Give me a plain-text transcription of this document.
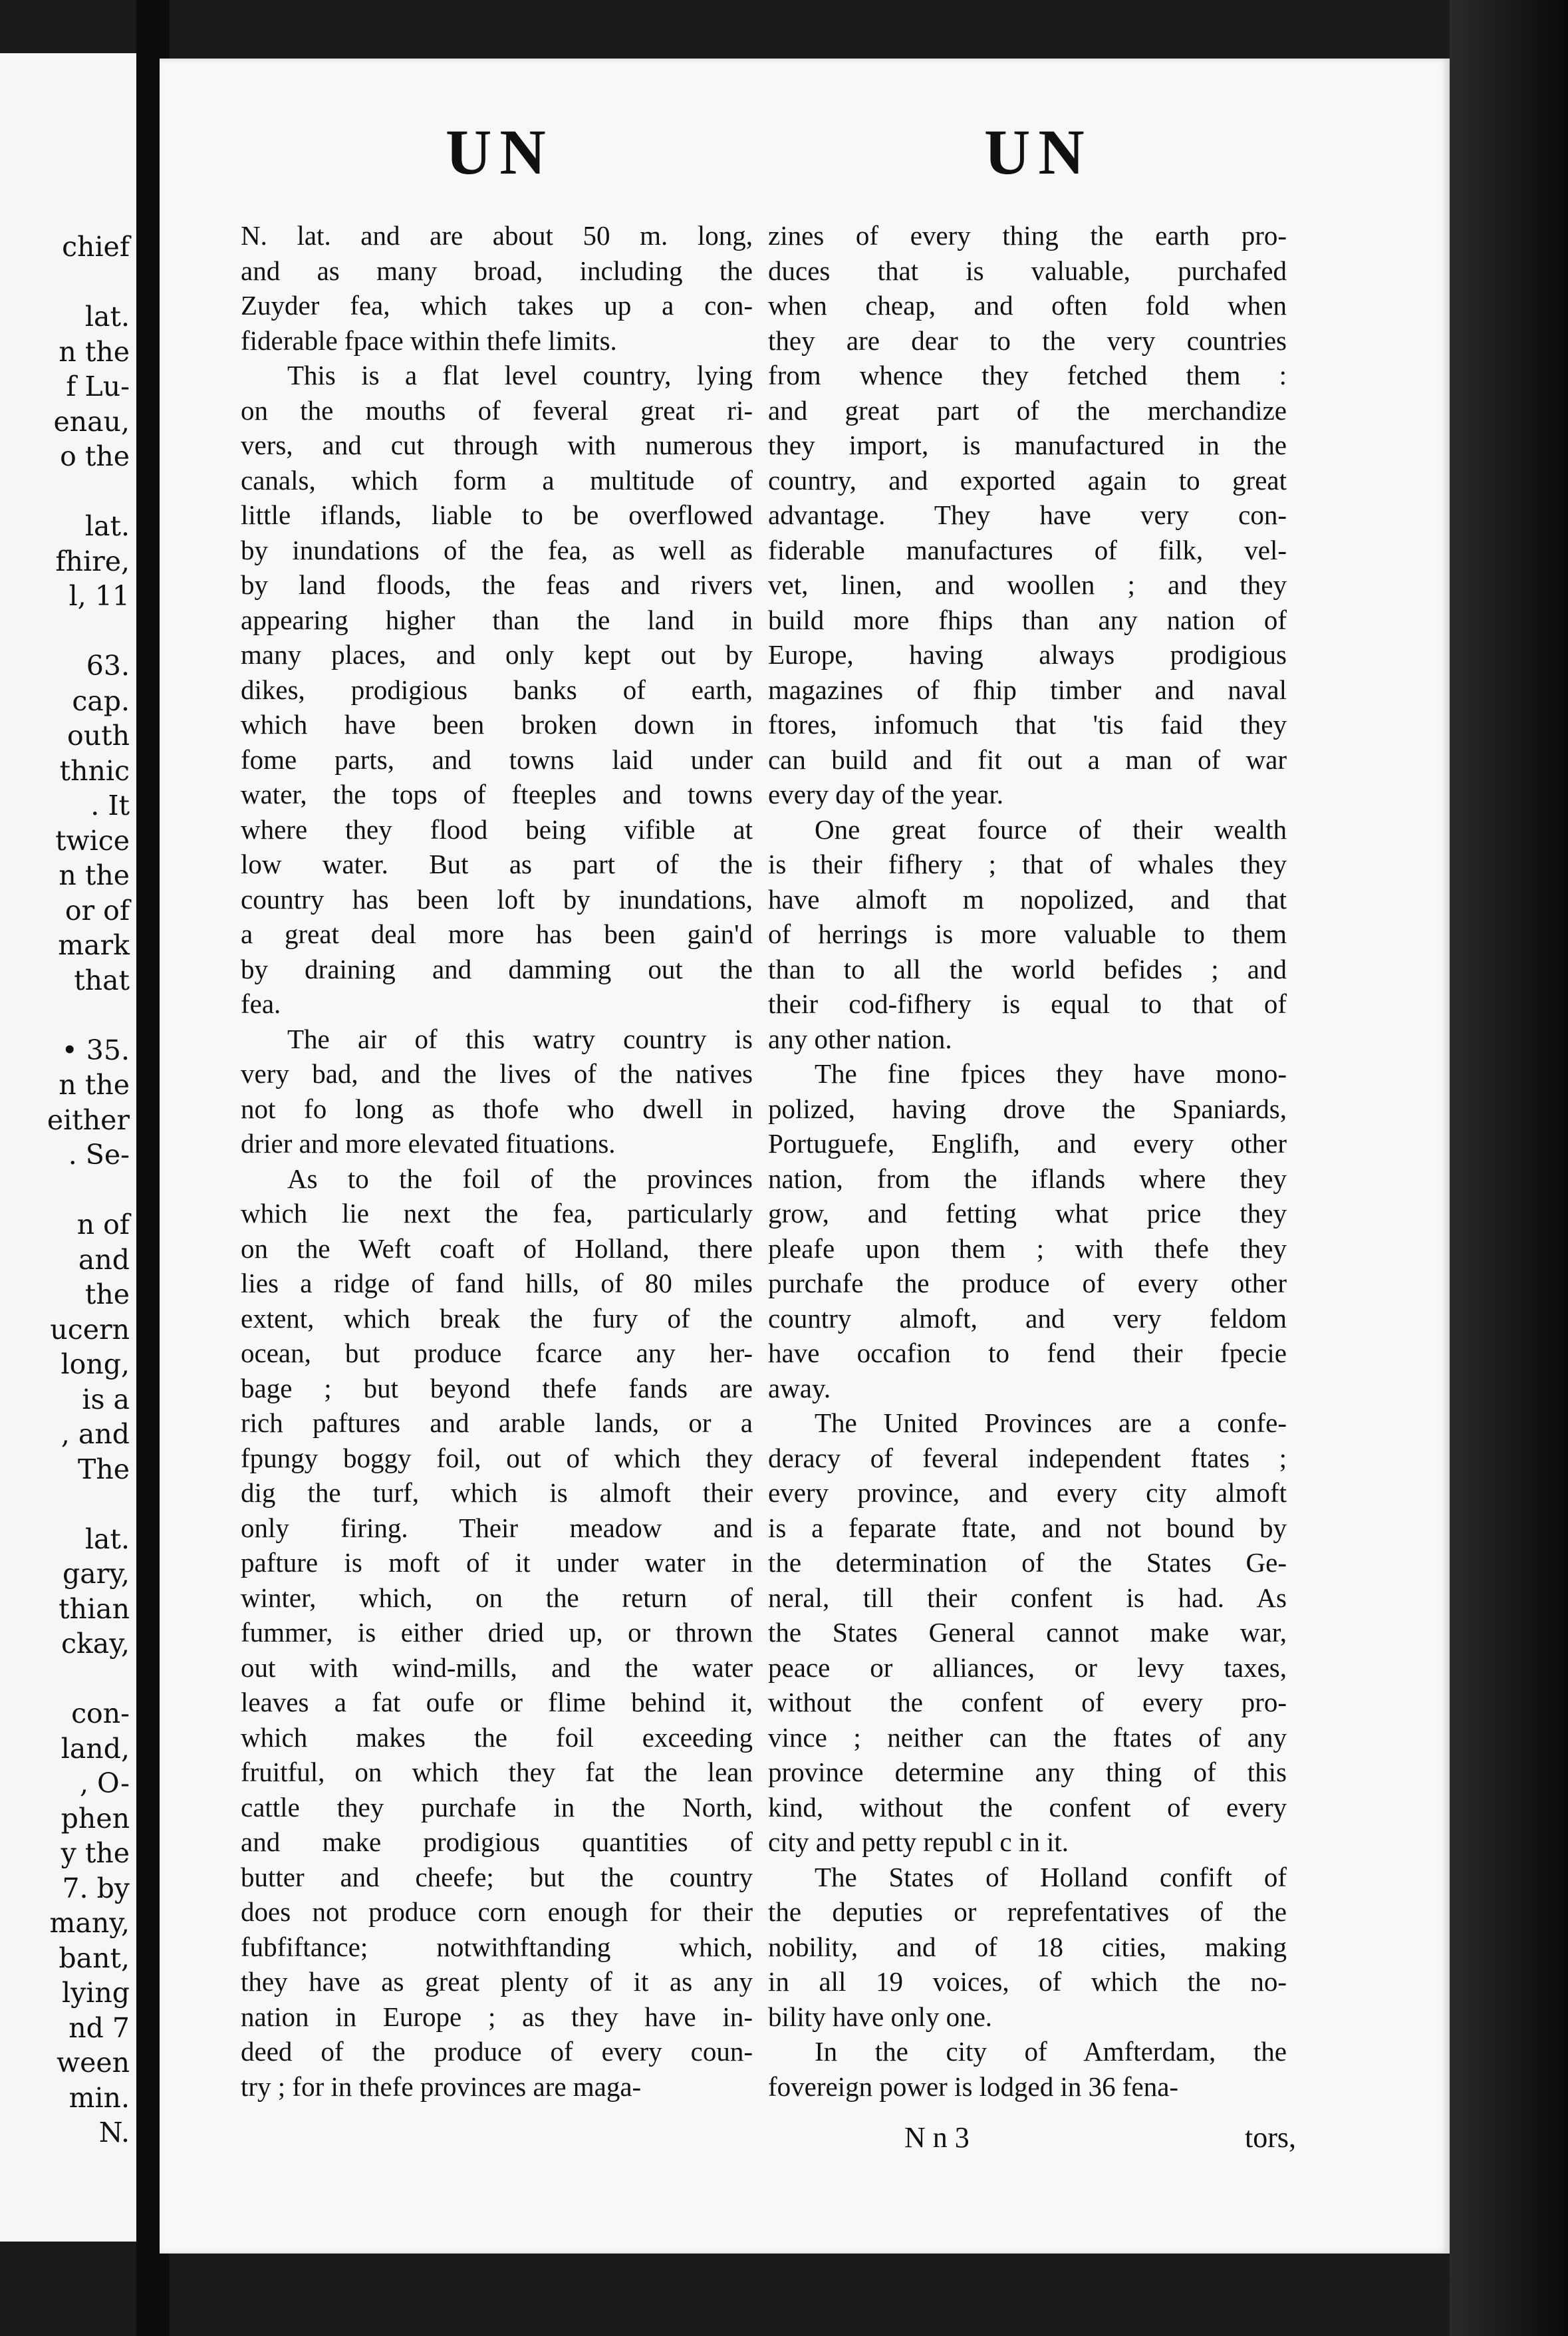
chief
lat.
n the
f Lu-
enau,
o the
lat.
fhire,
l, 11
63.
cap.
outh
thnic
. It
twice
n the
or of
mark
that
• 35.
n the
either
. Se-
n of
and
the
ucern
long,
is a
, and
The
lat.
gary,
thian
ckay,
con-
land,
, O-
phen
y the
7. by
many,
bant,
lying
nd 7
ween
min.
N.
UN	UN
N. lat. and are about 50 m. long,
and as many broad, including the
Zuyder fea, which takes up a con-
fiderable fpace within thefe limits.
This is a flat level country, lying
on the mouths of feveral great ri-
vers, and cut through with numerous
canals, which form a multitude of
little iflands, liable to be overflowed
by inundations of the fea, as well as
by land floods, the feas and rivers
appearing higher than the land in
many places, and only kept out by
dikes, prodigious banks of earth,
which have been broken down in
fome parts, and towns laid under
water, the tops of fteeples and towns
where they flood being vifible at
low water. But as part of the
country has been loft by inundations,
a great deal more has been gain'd
by draining and damming out the
fea.
The air of this watry country is
very bad, and the lives of the natives
not fo long as thofe who dwell in
drier and more elevated fituations.
As to the foil of the provinces
which lie next the fea, particularly
on the Weft coaft of Holland, there
lies a ridge of fand hills, of 80 miles
extent, which break the fury of the
ocean, but produce fcarce any her-
bage ; but beyond thefe fands are
rich paftures and arable lands, or a
fpungy boggy foil, out of which they
dig the turf, which is almoft their
only firing. Their meadow and
pafture is moft of it under water in
winter, which, on the return of
fummer, is either dried up, or thrown
out with wind-mills, and the water
leaves a fat oufe or flime behind it,
which makes the foil exceeding
fruitful, on which they fat the lean
cattle they purchafe in the North,
and make prodigious quantities of
butter and cheefe; but the country
does not produce corn enough for their
fubfiftance; notwithftanding which,
they have as great plenty of it as any
nation in Europe ; as they have in-
deed of the produce of every coun-
try ; for in thefe provinces are maga-
zines of every thing the earth pro-
duces that is valuable, purchafed
when cheap, and often fold when
they are dear to the very countries
from whence they fetched them :
and great part of the merchandize
they import, is manufactured in the
country, and exported again to great
advantage. They have very con-
fiderable manufactures of filk, vel-
vet, linen, and woollen ; and they
build more fhips than any nation of
Europe, having always prodigious
magazines of fhip timber and naval
ftores, infomuch that 'tis faid they
can build and fit out a man of war
every day of the year.
One great fource of their wealth
is their fifhery ; that of whales they
have almoft m nopolized, and that
of herrings is more valuable to them
than to all the world befides ; and
their cod-fifhery is equal to that of
any other nation.
The fine fpices they have mono-
polized, having drove the Spaniards,
Portuguefe, Englifh, and every other
nation, from the iflands where they
grow, and fetting what price they
pleafe upon them ; with thefe they
purchafe the produce of every other
country almoft, and very feldom
have occafion to fend their fpecie
away.
The United Provinces are a confe-
deracy of feveral independent ftates ;
every province, and every city almoft
is a feparate ftate, and not bound by
the determination of the States Ge-
neral, till their confent is had. As
the States General cannot make war,
peace or alliances, or levy taxes,
without the confent of every pro-
vince ; neither can the ftates of any
province determine any thing of this
kind, without the confent of every
city and petty republ c in it.
The States of Holland confift of
the deputies or reprefentatives of the
nobility, and of 18 cities, making
in all 19 voices, of which the no-
bility have only one.
In the city of Amfterdam, the
fovereign power is lodged in 36 fena-
N n 3	tors,
